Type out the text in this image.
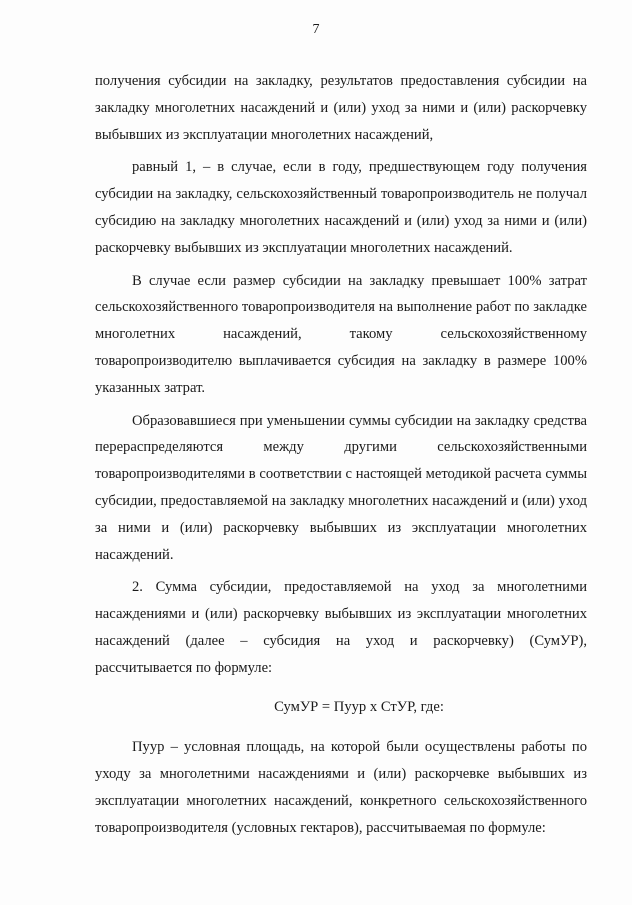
7

получения субсидии на закладку, результатов предоставления субсидии на закладку многолетних насаждений и (или) уход за ними и (или) раскорчевку выбывших из эксплуатации многолетних насаждений,

равный 1, – в случае, если в году, предшествующем году получения субсидии на закладку, сельскохозяйственный товаропроизводитель не получал субсидию на закладку многолетних насаждений и (или) уход за ними и (или) раскорчевку выбывших из эксплуатации многолетних насаждений.

В случае если размер субсидии на закладку превышает 100% затрат сельскохозяйственного товаропроизводителя на выполнение работ по закладке многолетних насаждений, такому сельскохозяйственному товаропроизводителю выплачивается субсидия на закладку в размере 100% указанных затрат.

Образовавшиеся при уменьшении суммы субсидии на закладку средства перераспределяются между другими сельскохозяйственными товаропроизводителями в соответствии с настоящей методикой расчета суммы субсидии, предоставляемой на закладку многолетних насаждений и (или) уход за ними и (или) раскорчевку выбывших из эксплуатации многолетних насаждений.

2. Сумма субсидии, предоставляемой на уход за многолетними насаждениями и (или) раскорчевку выбывших из эксплуатации многолетних насаждений (далее – субсидия на уход и раскорчевку) (СумУР), рассчитывается по формуле:

СумУР = Пуур х СтУР, где:

Пуур – условная площадь, на которой были осуществлены работы по уходу за многолетними насаждениями и (или) раскорчевке выбывших из эксплуатации многолетних насаждений, конкретного сельскохозяйственного товаропроизводителя (условных гектаров), рассчитываемая по формуле:
